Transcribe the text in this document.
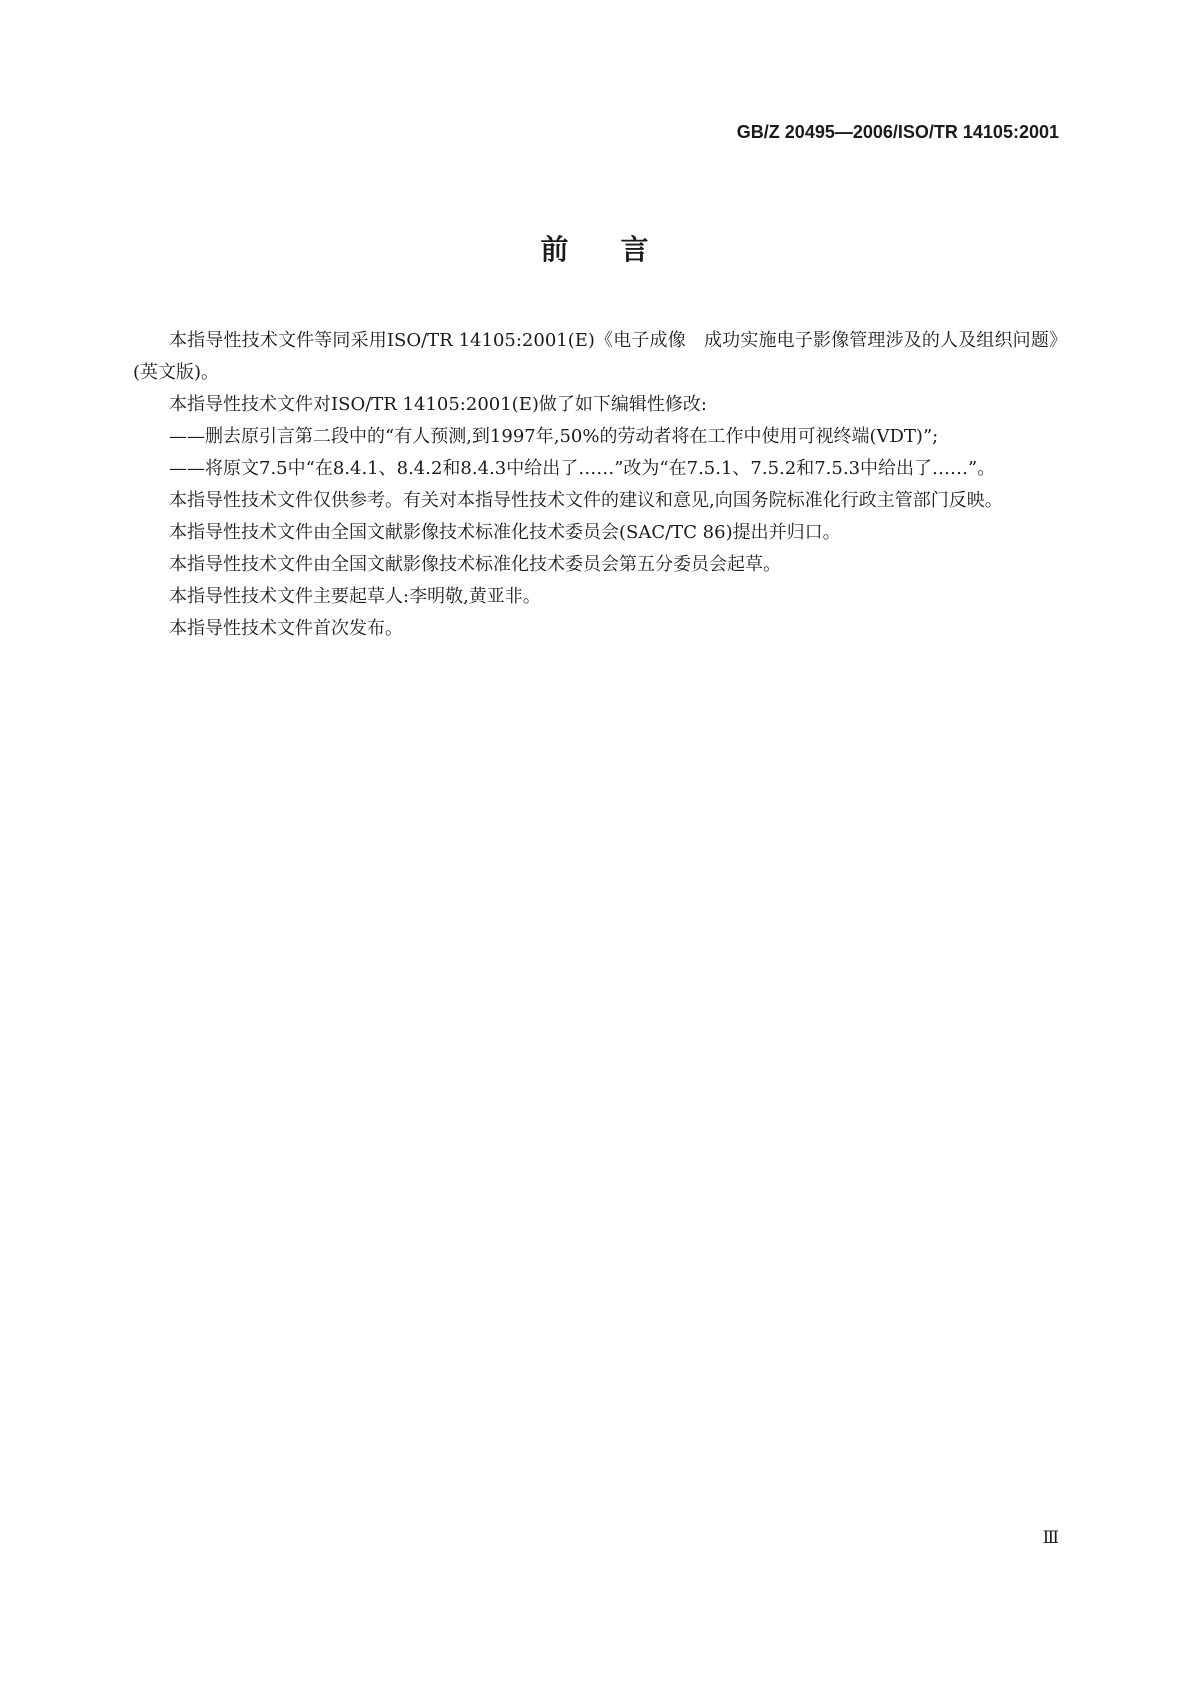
GB/Z 20495—2006/ISO/TR 14105:2001
前 言

本指导性技术文件等同采用ISO/TR 14105:2001(E)《电子成像　成功实施电子影像管理涉及的人及组织问题》(英文版)。

本指导性技术文件对ISO/TR 14105:2001(E)做了如下编辑性修改:

——删去原引言第二段中的“有人预测,到1997年,50%的劳动者将在工作中使用可视终端(VDT)”;

——将原文7.5中“在8.4.1、8.4.2和8.4.3中给出了……”改为“在7.5.1、7.5.2和7.5.3中给出了……”。

本指导性技术文件仅供参考。有关对本指导性技术文件的建议和意见,向国务院标准化行政主管部门反映。

本指导性技术文件由全国文献影像技术标准化技术委员会(SAC/TC 86)提出并归口。

本指导性技术文件由全国文献影像技术标准化技术委员会第五分委员会起草。

本指导性技术文件主要起草人:李明敬,黄亚非。

本指导性技术文件首次发布。

Ⅲ
